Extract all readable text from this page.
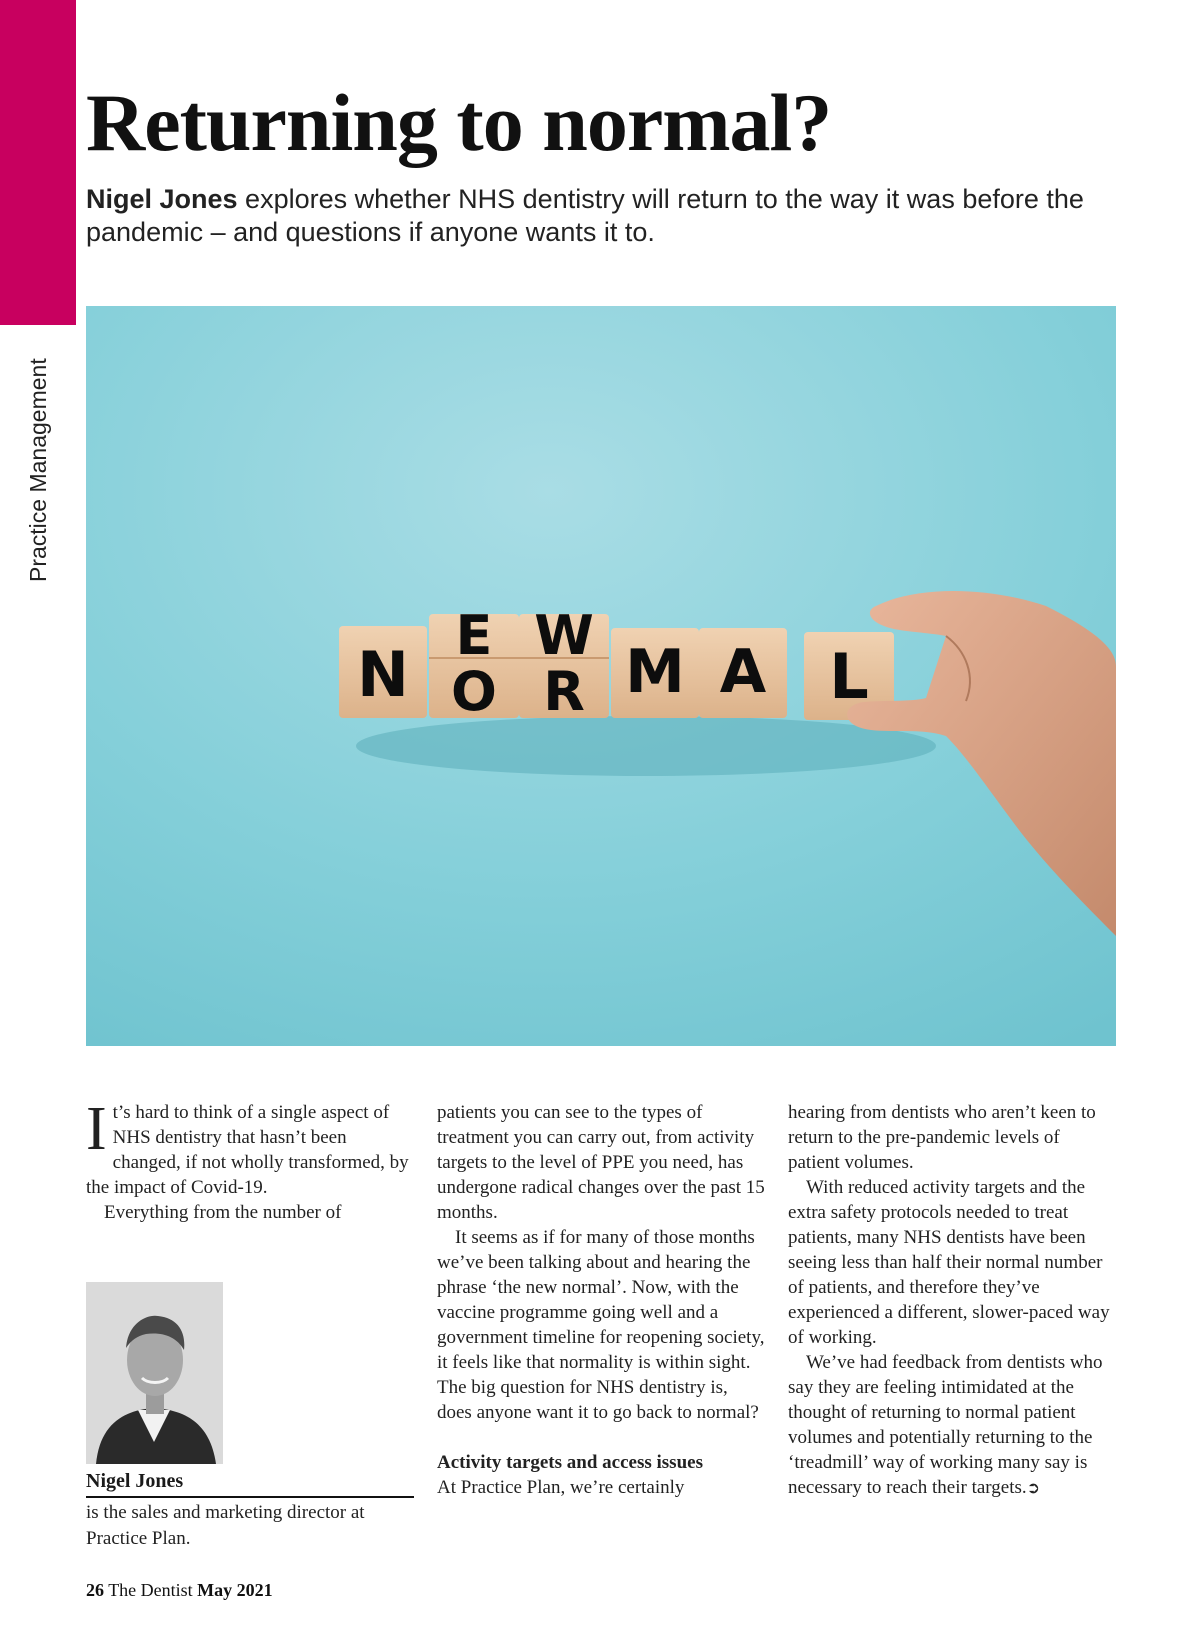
Practice Management
Returning to normal?

Nigel Jones explores whether NHS dentistry will return to the way it was before the pandemic – and questions if anyone wants it to.

E W
N O R M A L

It’s hard to think of a single aspect of NHS dentistry that hasn’t been changed, if not wholly transformed, by the impact of Covid-19.

Everything from the number of

patients you can see to the types of treatment you can carry out, from activity targets to the level of PPE you need, has undergone radical changes over the past 15 months.

It seems as if for many of those months we’ve been talking about and hearing the phrase ‘the new normal’. Now, with the vaccine programme going well and a government timeline for reopening society, it feels like that normality is within sight. The big question for NHS dentistry is, does anyone want it to go back to normal?

Activity targets and access issues

At Practice Plan, we’re certainly

hearing from dentists who aren’t keen to return to the pre-pandemic levels of patient volumes.

With reduced activity targets and the extra safety protocols needed to treat patients, many NHS dentists have been seeing less than half their normal number of patients, and therefore they’ve experienced a different, slower-paced way of working.

We’ve had feedback from dentists who say they are feeling intimidated at the thought of returning to normal patient volumes and potentially returning to the ‘treadmill’ way of working many say is necessary to reach their targets.➲

Nigel Jones
is the sales and marketing director at Practice Plan.
26 The Dentist May 2021
